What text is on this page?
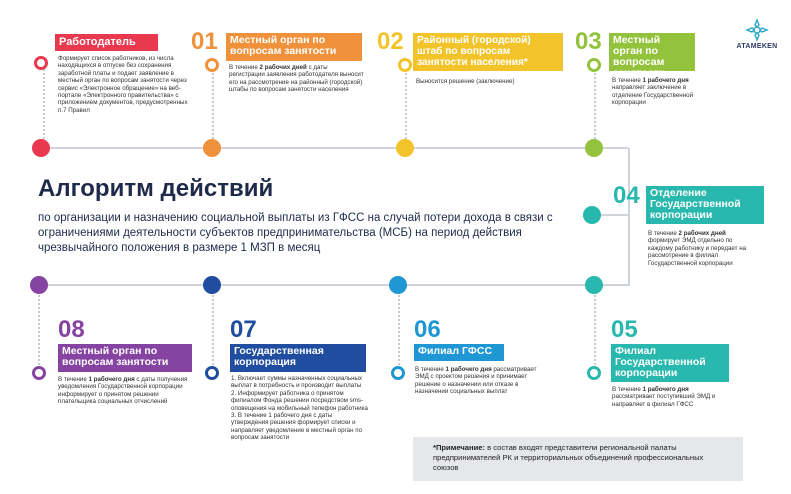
ATAMEKEN
Работодатель
Формирует список работников, из числа находящихся в отпуске без сохранения заработной платы и подает заявление в местный орган по вопросам занятости через сервис «Электронное обращение» на веб-портале «Электронного правительства» с приложением документов, предусмотренных п.7 Правил
01	Местный орган по вопросам занятости
В течение 2 рабочих дней с даты регистрации заявления работодателя выносит его на рассмотрение на районный (городской) штабы по вопросам занятости населения
02	Районный (городской) штаб по вопросам занятости населения*
Выносится решение (заключение)
03	Местный орган по вопросам занятости
В течение 1 рабочего дня направляет заключение в отделение Государственной корпорации
Алгоритм действий
по организации и назначению социальной выплаты из ГФСС на случай потери дохода в связи с ограничениями деятельности субъектов предпринимательства (МСБ) на период действия чрезвычайного положения в размере 1 МЗП в месяц
04 Отделение Государственной корпорации
В течение 2 рабочих дней формирует ЭМД отдельно по каждому работнику и передает на рассмотрение в филиал Государственной корпорации
08
Местный орган по вопросам занятости
В течение 1 рабочего дня с даты получения уведомления Государственной корпорации информирует о принятом решении плательщика социальных отчислений
07
Государственная корпорация
1. Включает суммы назначенных социальных выплат в потребность и производит выплаты
2. Информирует работника о принятом филиалом Фонда решении посредством sms-оповещения на мобильный телефон работника
3. В течение 1 рабочего дня с даты утверждения решения формирует списки и направляет уведомление в местный орган по вопросам занятости
06
Филиал ГФСС
В течение 1 рабочего дня рассматривает ЭМД с проектом решения и принимает решение о назначении или отказе в назначении социальных выплат
05
Филиал Государственной корпорации
В течение 1 рабочего дня рассматривает поступивший ЭМД и направляет в филиал ГФСС
*Примечание: в состав входят представители региональной палаты предпринимателей РК и территориальных объединений профессиональных союзов
